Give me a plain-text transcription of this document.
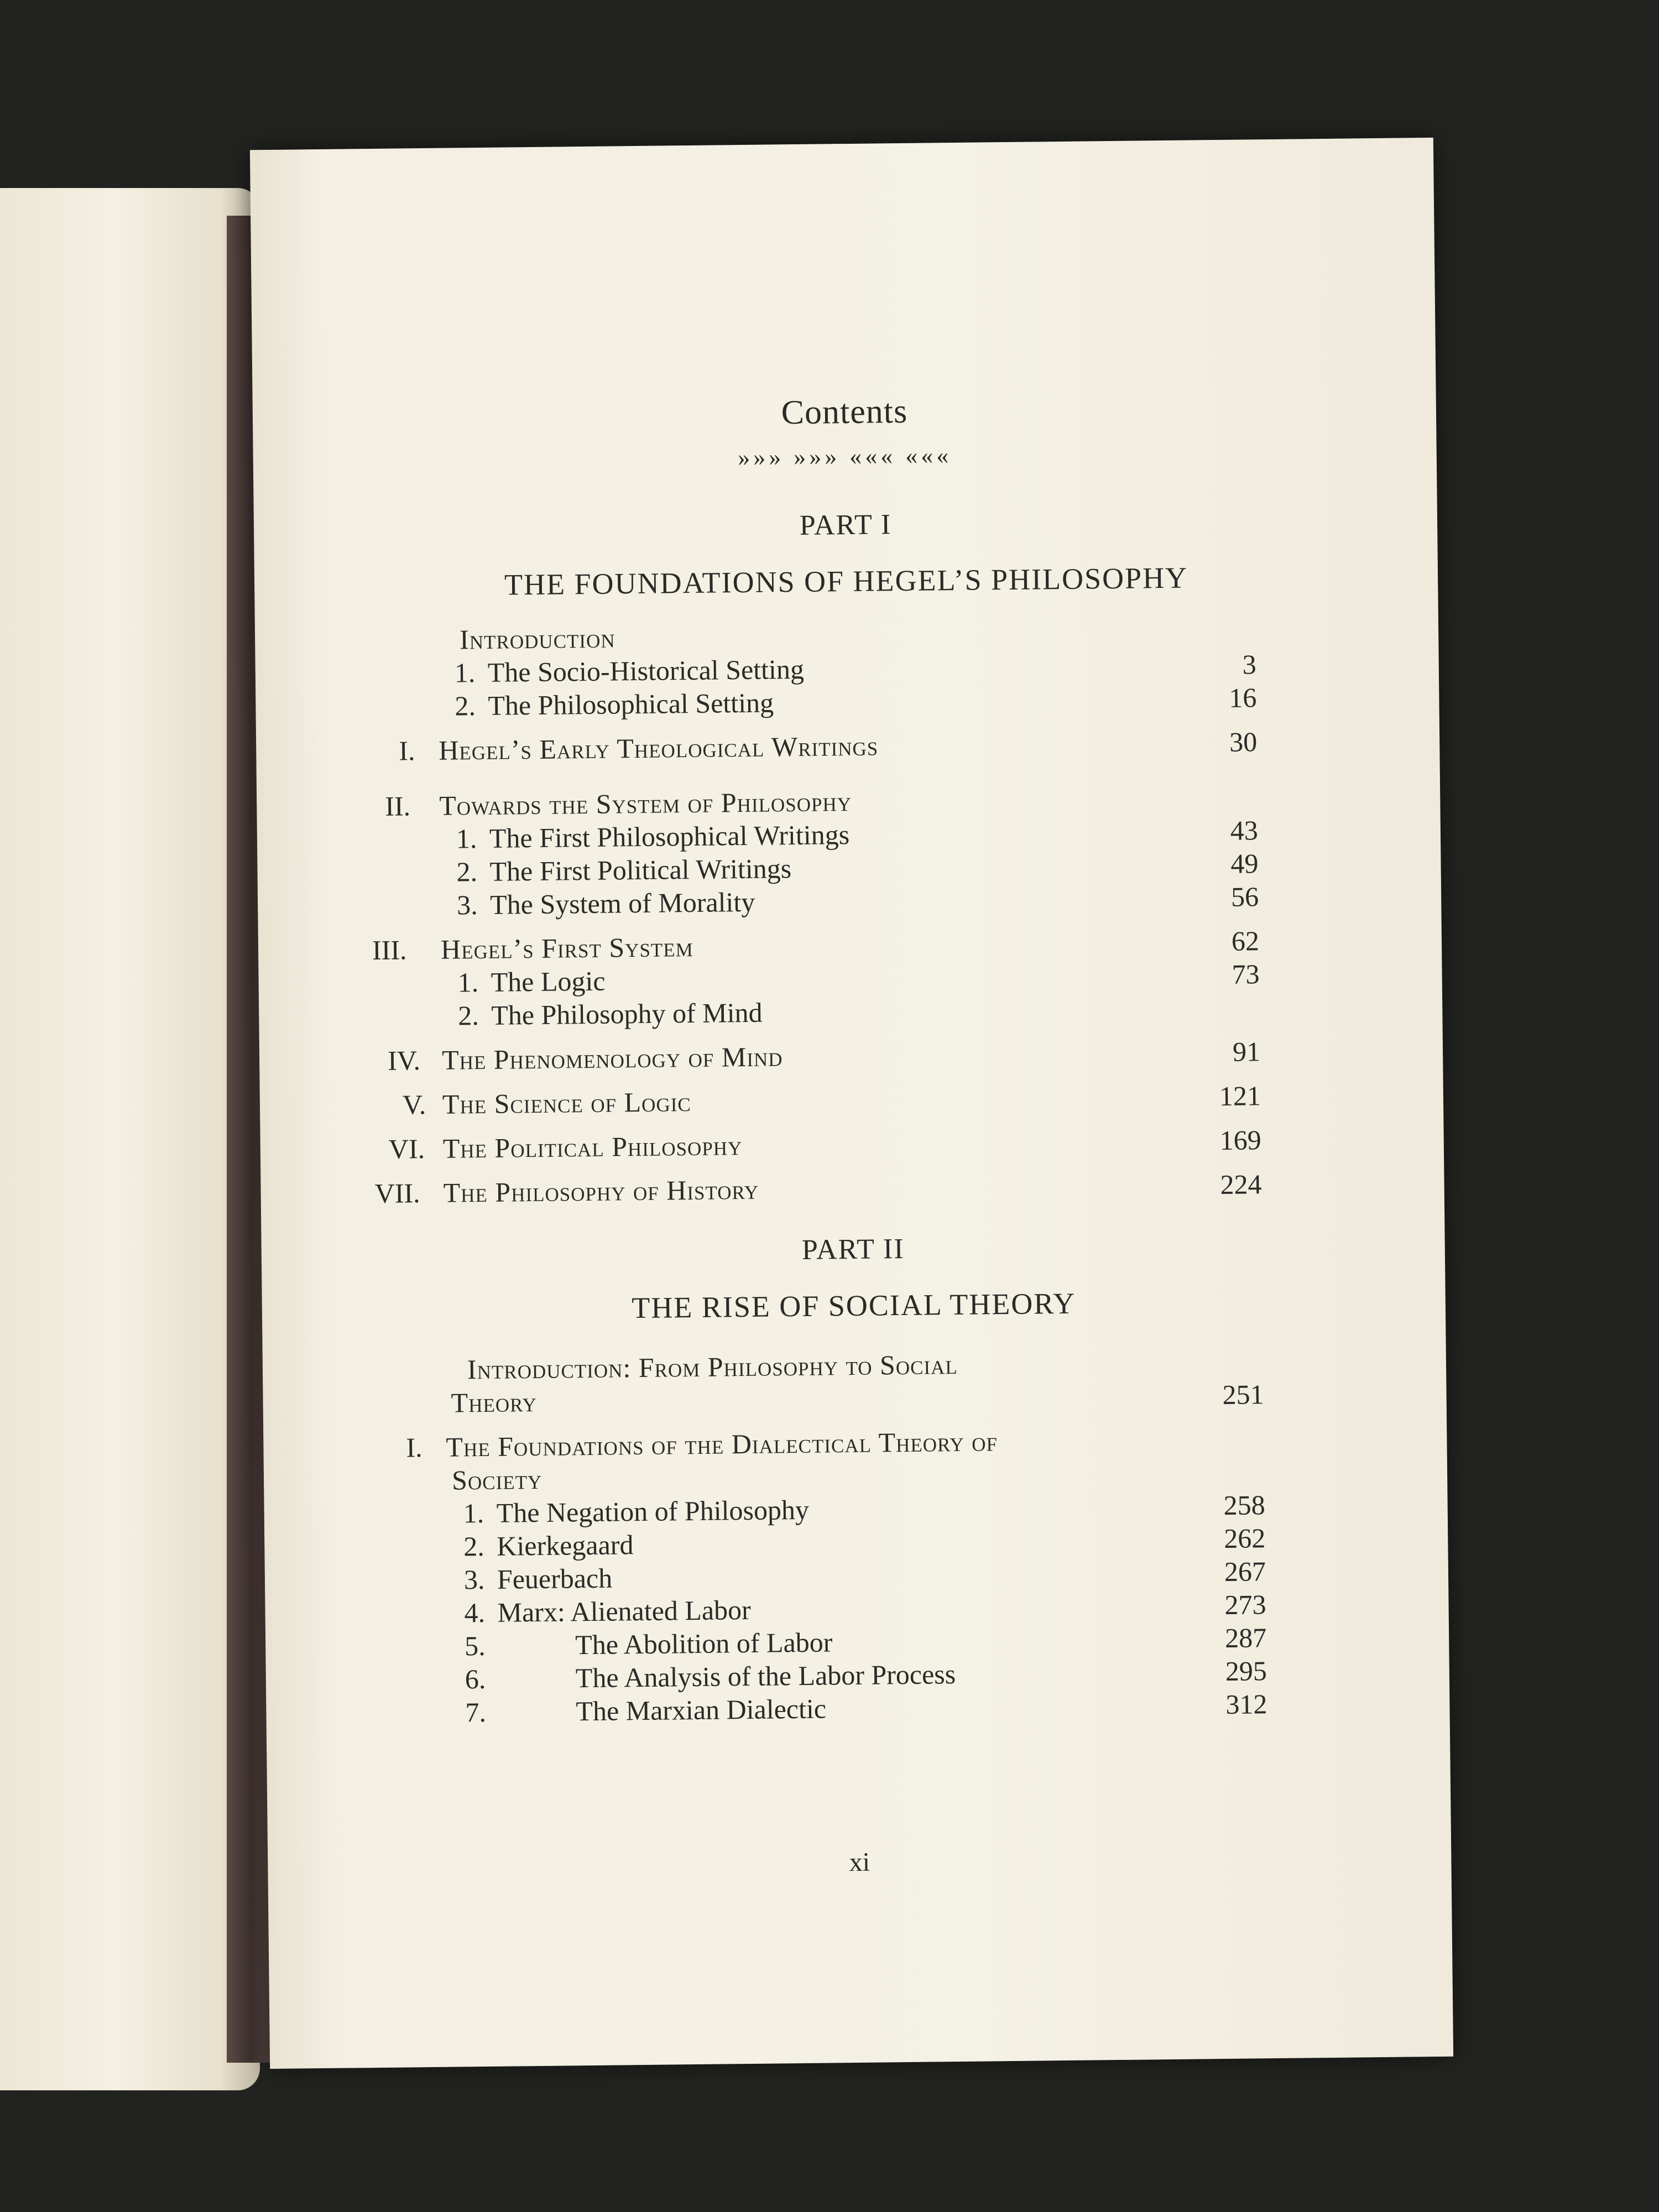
Contents
»»» »»» ««« «««
PART I
THE FOUNDATIONS OF HEGEL’S PHILOSOPHY
Introduction
1. The Socio-Historical Setting	3
2. The Philosophical Setting	16
I. Hegel’s Early Theological Writings	30
II. Towards the System of Philosophy
1. The First Philosophical Writings	43
2. The First Political Writings	49
3. The System of Morality	56
III. Hegel’s First System	62
1. The Logic	73
2. The Philosophy of Mind
IV. The Phenomenology of Mind	91
V. The Science of Logic	121
VI. The Political Philosophy	169
VII. The Philosophy of History	224
PART II
THE RISE OF SOCIAL THEORY
Introduction: From Philosophy to Social
Theory	251
I. The Foundations of the Dialectical Theory of
Society
1. The Negation of Philosophy	258
2. Kierkegaard	262
3. Feuerbach	267
4. Marx: Alienated Labor	273
5.	The Abolition of Labor	287
6.	The Analysis of the Labor Process	295
7.	The Marxian Dialectic	312
xi
